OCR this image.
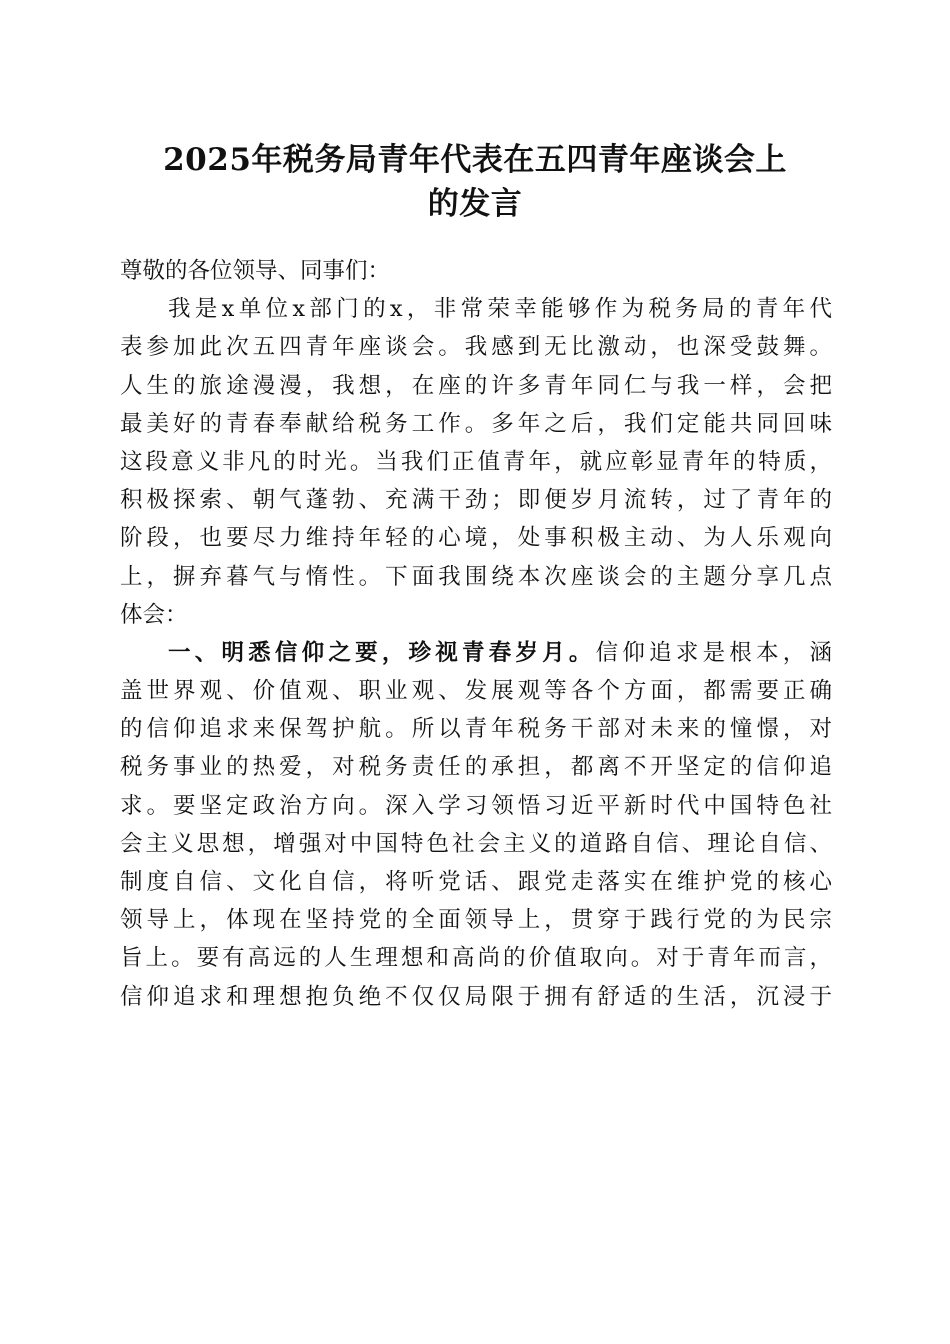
2025年税务局青年代表在五四青年座谈会上
的发言
尊敬的各位领导、同事们：
我是x单位x部门的x，非常荣幸能够作为税务局的青年代
表参加此次五四青年座谈会。我感到无比激动，也深受鼓舞。
人生的旅途漫漫，我想，在座的许多青年同仁与我一样，会把
最美好的青春奉献给税务工作。多年之后，我们定能共同回味
这段意义非凡的时光。当我们正值青年，就应彰显青年的特质，
积极探索、朝气蓬勃、充满干劲；即便岁月流转，过了青年的
阶段，也要尽力维持年轻的心境，处事积极主动、为人乐观向
上，摒弃暮气与惰性。下面我围绕本次座谈会的主题分享几点
体会：
一、明悉信仰之要，珍视青春岁月。信仰追求是根本，涵
盖世界观、价值观、职业观、发展观等各个方面，都需要正确
的信仰追求来保驾护航。所以青年税务干部对未来的憧憬，对
税务事业的热爱，对税务责任的承担，都离不开坚定的信仰追
求。要坚定政治方向。深入学习领悟习近平新时代中国特色社
会主义思想，增强对中国特色社会主义的道路自信、理论自信、
制度自信、文化自信，将听党话、跟党走落实在维护党的核心
领导上，体现在坚持党的全面领导上，贯穿于践行党的为民宗
旨上。要有高远的人生理想和高尚的价值取向。对于青年而言，
信仰追求和理想抱负绝不仅仅局限于拥有舒适的生活，沉浸于
